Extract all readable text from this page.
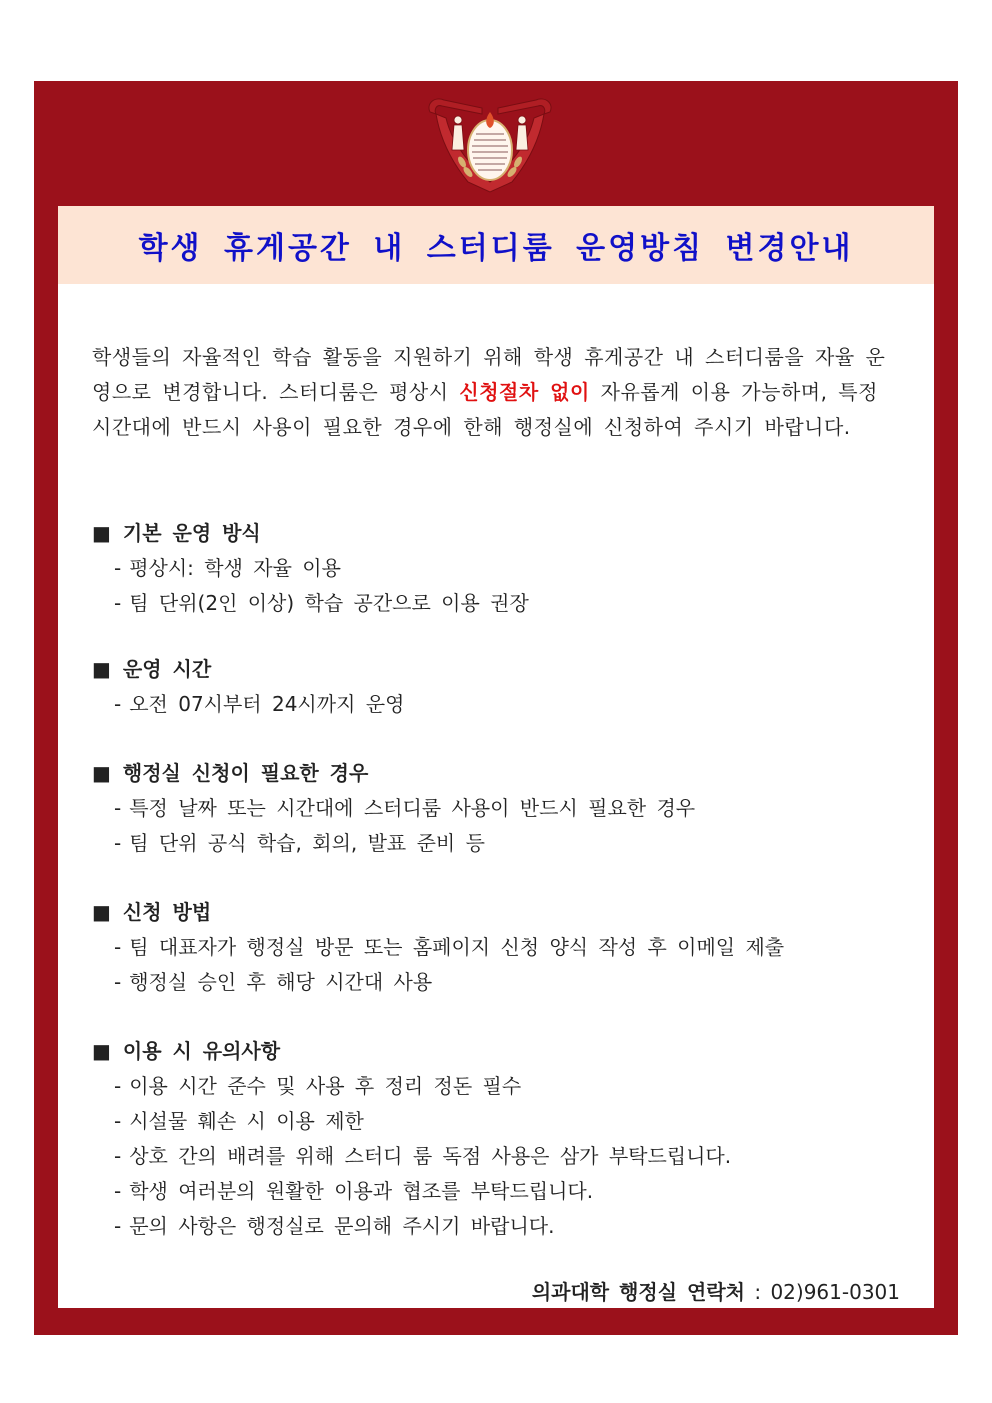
학생 휴게공간 내 스터디룸 운영방침 변경안내

학생들의 자율적인 학습 활동을 지원하기 위해 학생 휴게공간 내 스터디룸을 자율 운영으로 변경합니다. 스터디룸은 평상시 신청절차 없이 자유롭게 이용 가능하며, 특정 시간대에 반드시 사용이 필요한 경우에 한해 행정실에 신청하여 주시기 바랍니다.

■ 기본 운영 방식
- 평상시: 학생 자율 이용
- 팀 단위(2인 이상) 학습 공간으로 이용 권장
■ 운영 시간
- 오전 07시부터 24시까지 운영
■ 행정실 신청이 필요한 경우
- 특정 날짜 또는 시간대에 스터디룸 사용이 반드시 필요한 경우
- 팀 단위 공식 학습, 회의, 발표 준비 등
■ 신청 방법
- 팀 대표자가 행정실 방문 또는 홈페이지 신청 양식 작성 후 이메일 제출
- 행정실 승인 후 해당 시간대 사용
■ 이용 시 유의사항
- 이용 시간 준수 및 사용 후 정리 정돈 필수
- 시설물 훼손 시 이용 제한
- 상호 간의 배려를 위해 스터디 룸 독점 사용은 삼가 부탁드립니다.
- 학생 여러분의 원활한 이용과 협조를 부탁드립니다.
- 문의 사항은 행정실로 문의해 주시기 바랍니다.
의과대학 행정실 연락처 : 02)961-0301
